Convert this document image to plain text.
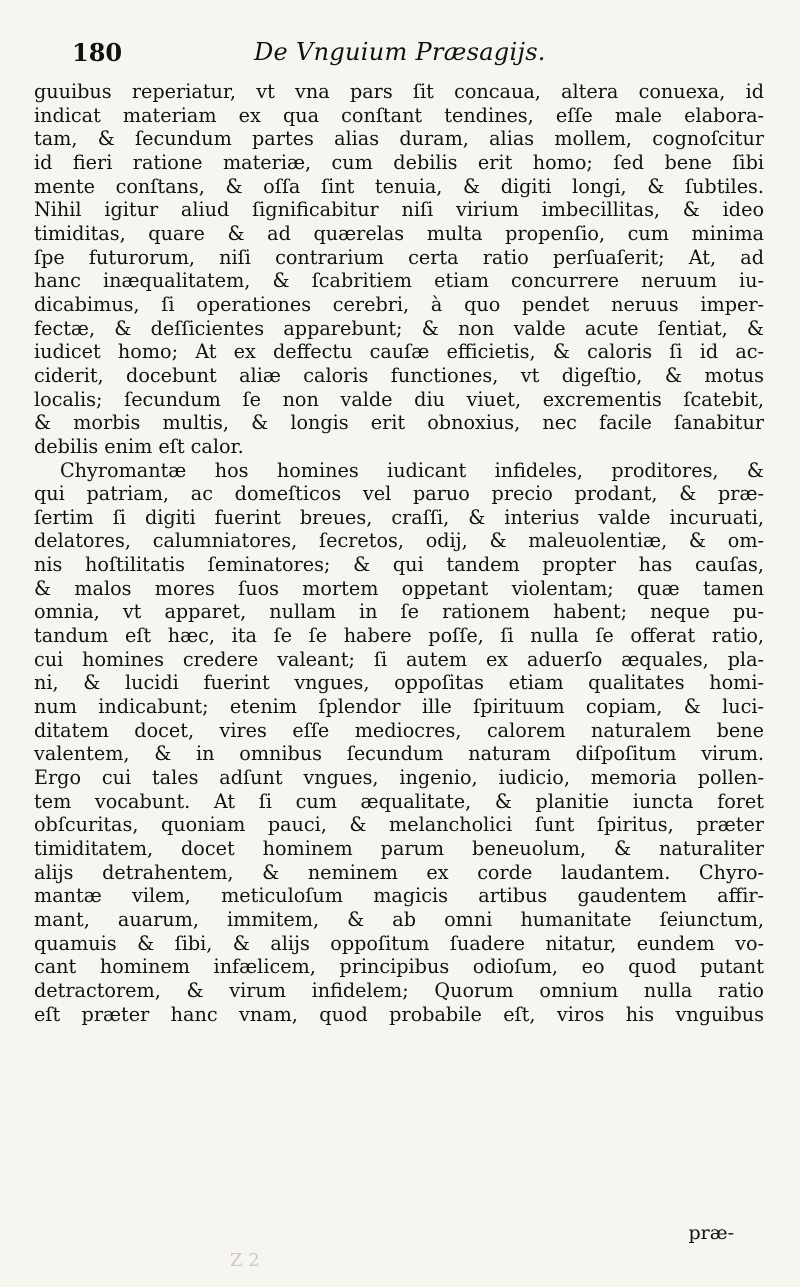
180	De Vnguium Præsagijs.
guuibus reperiatur, vt vna pars ſit concaua, altera conuexa, id
indicat materiam ex qua conſtant tendines, eſſe male elabora-
tam, & ſecundum partes alias duram, alias mollem, cognoſcitur
id fieri ratione materiæ, cum debilis erit homo; ſed bene ſibi
mente conſtans, & oſſa ſint tenuia, & digiti longi, & ſubtiles.
Nihil igitur aliud ſignificabitur niſi virium imbecillitas, & ideo
timiditas, quare & ad quærelas multa propenſio, cum minima
ſpe futurorum, niſi contrarium certa ratio perſuaſerit; At, ad
hanc inæqualitatem, & ſcabritiem etiam concurrere neruum iu-
dicabimus, ſi operationes cerebri, à quo pendet neruus imper-
fectæ, & deſſicientes apparebunt; & non valde acute ſentiat, &
iudicet homo; At ex deffectu cauſæ efficietis, & caloris ſi id ac-
ciderit, docebunt aliæ caloris functiones, vt digeſtio, & motus
localis; ſecundum ſe non valde diu viuet, excrementis ſcatebit,
& morbis multis, & longis erit obnoxius, nec facile ſanabitur
debilis enim eſt calor.
Chyromantæ hos homines iudicant infideles, proditores, &
qui patriam, ac domeſticos vel paruo precio prodant, & præ-
ſertim ſi digiti fuerint breues, craſſi, & interius valde incuruati,
delatores, calumniatores, ſecretos, odij, & maleuolentiæ, & om-
nis hoſtilitatis ſeminatores; & qui tandem propter has cauſas,
& malos mores ſuos mortem oppetant violentam; quæ tamen
omnia, vt apparet, nullam in ſe rationem habent; neque pu-
tandum eſt hæc, ita ſe ſe habere poſſe, ſi nulla ſe offerat ratio,
cui homines credere valeant; ſi autem ex aduerſo æquales, pla-
ni, & lucidi fuerint vngues, oppoſitas etiam qualitates homi-
num indicabunt; etenim ſplendor ille ſpirituum copiam, & luci-
ditatem docet, vires eſſe mediocres, calorem naturalem bene
valentem, & in omnibus ſecundum naturam diſpoſitum virum.
Ergo cui tales adſunt vngues, ingenio, iudicio, memoria pollen-
tem vocabunt. At ſi cum æqualitate, & planitie iuncta foret
obſcuritas, quoniam pauci, & melancholici ſunt ſpiritus, præter
timiditatem, docet hominem parum beneuolum, & naturaliter
alijs detrahentem, & neminem ex corde laudantem. Chyro-
mantæ vilem, meticuloſum magicis artibus gaudentem affir-
mant, auarum, immitem, & ab omni humanitate ſeiunctum,
quamuis & ſibi, & alijs oppoſitum ſuadere nitatur, eundem vo-
cant hominem infælicem, principibus odioſum, eo quod putant
detractorem, & virum infidelem; Quorum omnium nulla ratio
eſt præter hanc vnam, quod probabile eſt, viros his vnguibus
Z 2
præ-
